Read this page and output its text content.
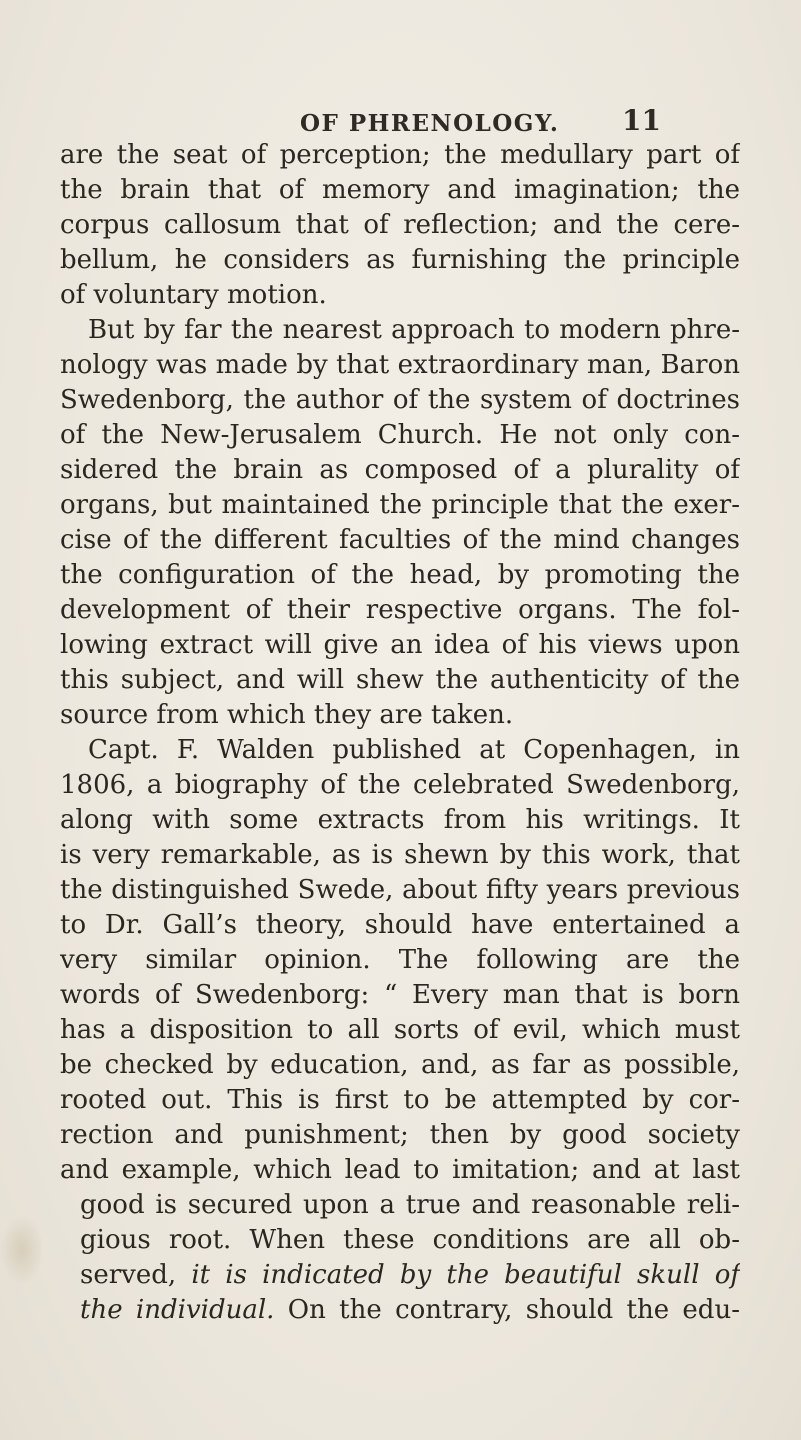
OF PHRENOLOGY. 11
are the seat of perception; the medullary part of
the brain that of memory and imagination; the
corpus callosum that of reflection; and the cere-
bellum, he considers as furnishing the principle
of voluntary motion.
But by far the nearest approach to modern phre-
nology was made by that extraordinary man, Baron
Swedenborg, the author of the system of doctrines
of the New-Jerusalem Church. He not only con-
sidered the brain as composed of a plurality of
organs, but maintained the principle that the exer-
cise of the different faculties of the mind changes
the configuration of the head, by promoting the
development of their respective organs. The fol-
lowing extract will give an idea of his views upon
this subject, and will shew the authenticity of the
source from which they are taken.
Capt. F. Walden published at Copenhagen, in
1806, a biography of the celebrated Swedenborg,
along with some extracts from his writings. It
is very remarkable, as is shewn by this work, that
the distinguished Swede, about fifty years previous
to Dr. Gall’s theory, should have entertained a
very similar opinion. The following are the
words of Swedenborg: “ Every man that is born
has a disposition to all sorts of evil, which must
be checked by education, and, as far as possible,
rooted out. This is first to be attempted by cor-
rection and punishment; then by good society
and example, which lead to imitation; and at last
good is secured upon a true and reasonable reli-
gious root. When these conditions are all ob-
served, it is indicated by the beautiful skull of
the individual. On the contrary, should the edu-
